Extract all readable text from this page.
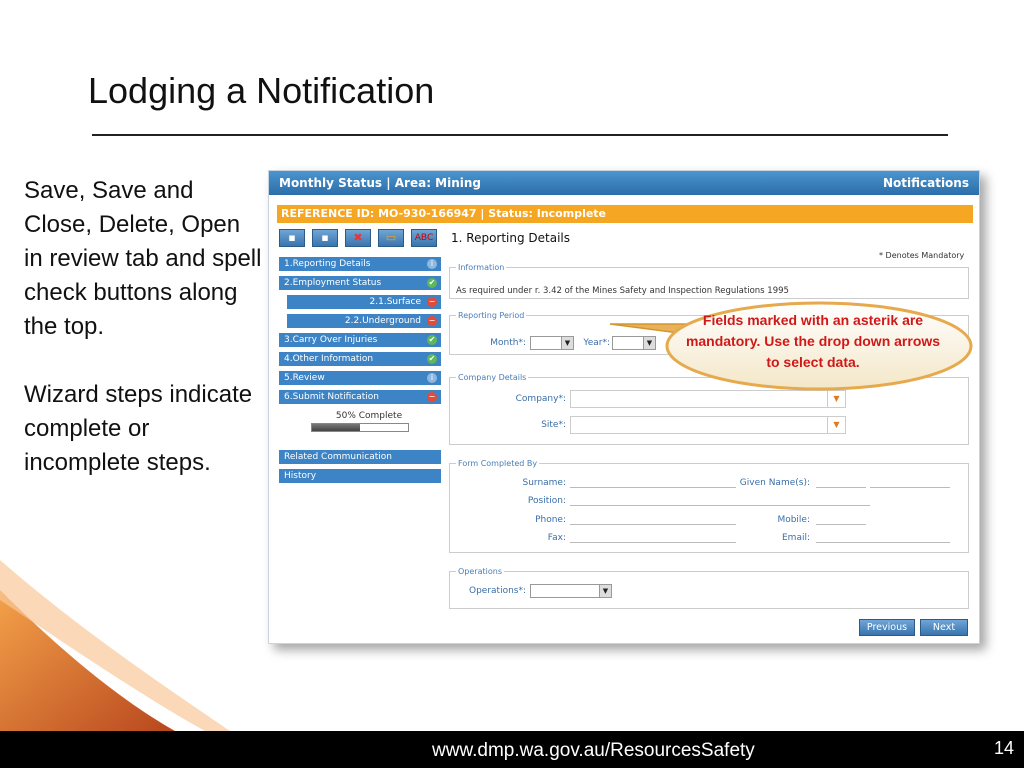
Lodging a Notification

Save, Save and Close, Delete, Open in review tab and spell check buttons along the top.

Wizard steps indicate complete or incomplete steps.

Monthly Status | Area: Mining	Notifications
REFERENCE ID: MO-930-166947 | Status: Incomplete
▪	▪	✖	▭	ABC
1.Reporting Details	i
2.Employment Status	✔
2.1.Surface −
2.2.Underground −
3.Carry Over Injuries	✔
4.Other Information	✔
5.Review	i
6.Submit Notification	−
50% Complete
Related Communication
History
1. Reporting Details
* Denotes Mandatory
Information
As required under r. 3.42 of the Mines Safety and Inspection Regulations 1995
Reporting Period
Month*:	▼	Year*:	▼
Company Details
Company*:	▼
Site*:	▼
Form Completed By
Surname:	Given Name(s):
Position:
Phone:	Mobile:
Fax:	Email:
Operations
Operations*:	▼
Previous	Next
Fields marked with an asterik are mandatory. Use the drop down arrows to select data.
www.dmp.wa.gov.au/ResourcesSafety	14
